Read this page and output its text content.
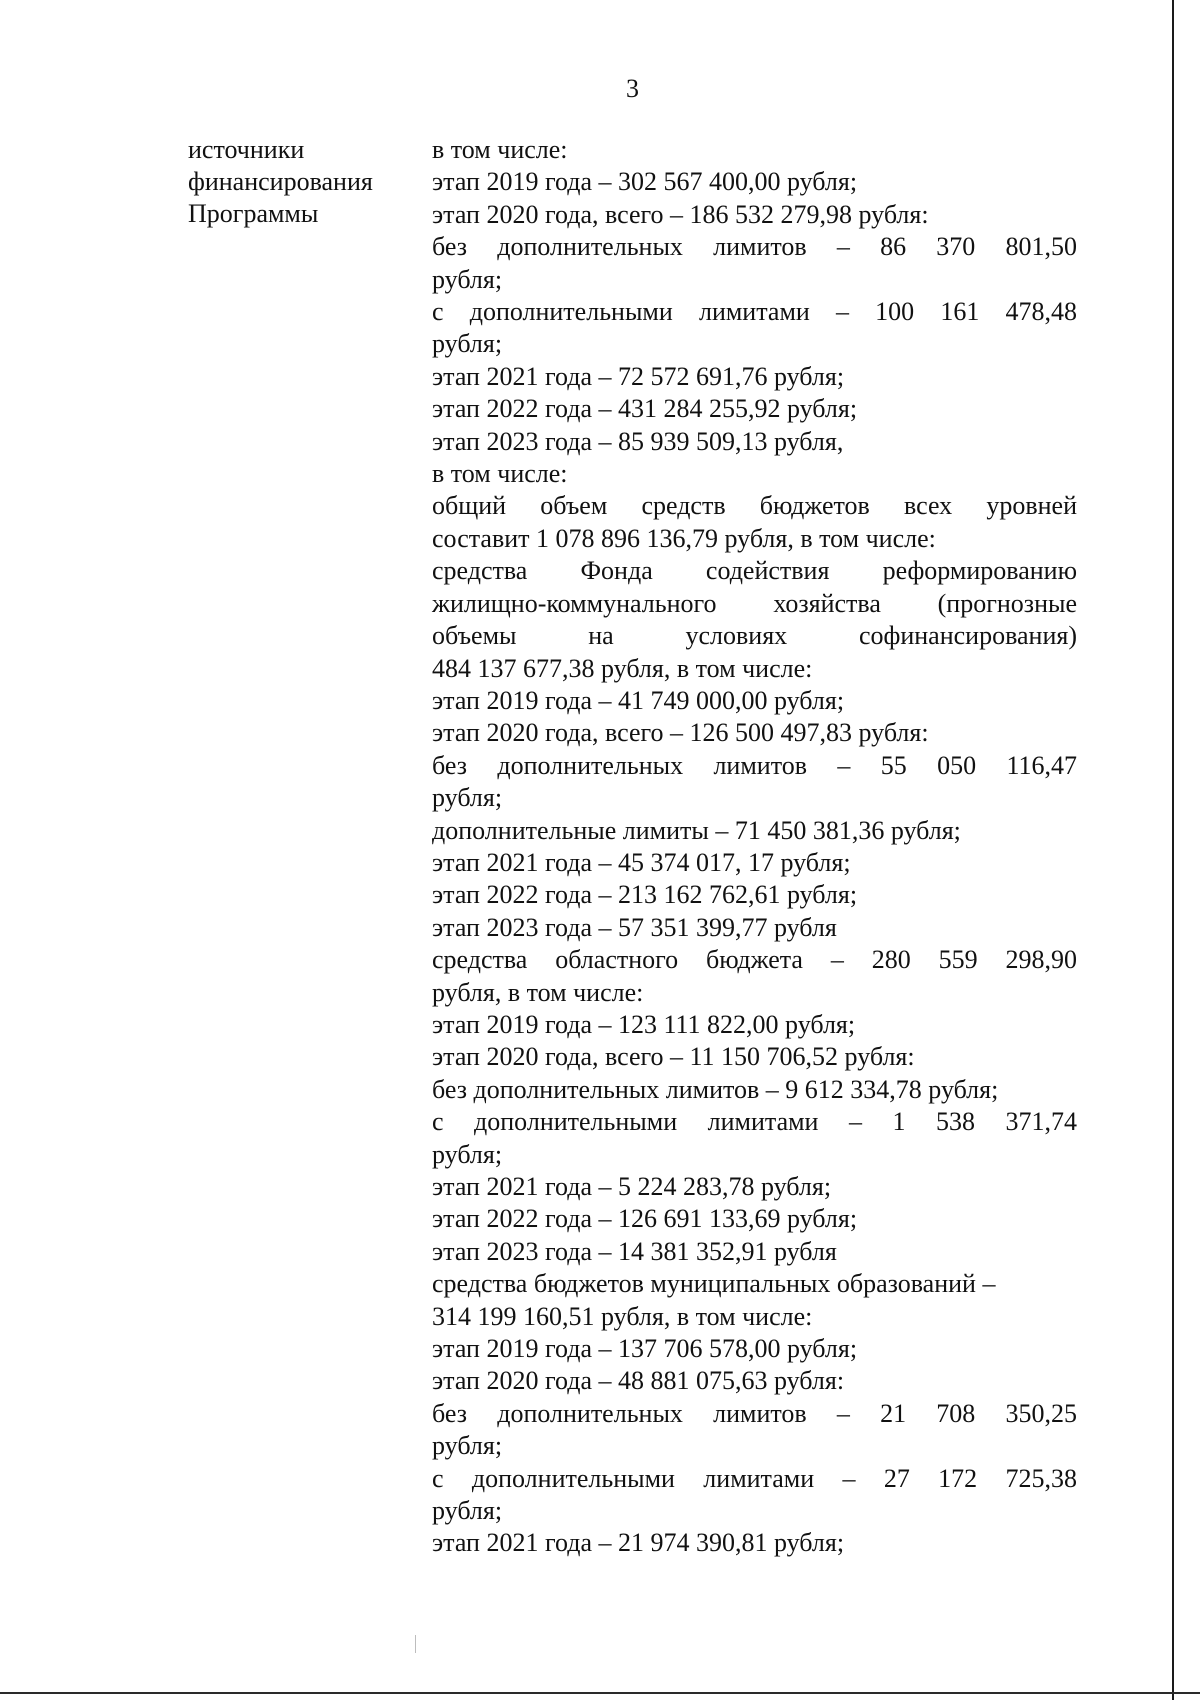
3
источники
финансирования
Программы
в том числе:
этап 2019 года – 302 567 400,00 рубля;
этап 2020 года, всего – 186 532 279,98 рубля:
без дополнительных лимитов – 86 370 801,50
рубля;
с дополнительными лимитами – 100 161 478,48
рубля;
этап 2021 года – 72 572 691,76 рубля;
этап 2022 года – 431 284 255,92 рубля;
этап 2023 года – 85 939 509,13 рубля,
в том числе:
общий объем средств бюджетов всех уровней
составит 1 078 896 136,79 рубля, в том числе:
средства Фонда содействия реформированию
жилищно-коммунального хозяйства (прогнозные
объемы на условиях софинансирования)
484 137 677,38 рубля, в том числе:
этап 2019 года – 41 749 000,00 рубля;
этап 2020 года, всего – 126 500 497,83 рубля:
без дополнительных лимитов – 55 050 116,47
рубля;
дополнительные лимиты – 71 450 381,36 рубля;
этап 2021 года – 45 374 017, 17 рубля;
этап 2022 года – 213 162 762,61 рубля;
этап 2023 года – 57 351 399,77 рубля
средства областного бюджета – 280 559 298,90
рубля, в том числе:
этап 2019 года – 123 111 822,00 рубля;
этап 2020 года, всего – 11 150 706,52 рубля:
без дополнительных лимитов – 9 612 334,78 рубля;
с дополнительными лимитами – 1 538 371,74
рубля;
этап 2021 года – 5 224 283,78 рубля;
этап 2022 года – 126 691 133,69 рубля;
этап 2023 года – 14 381 352,91 рубля
средства бюджетов муниципальных образований –
314 199 160,51 рубля, в том числе:
этап 2019 года – 137 706 578,00 рубля;
этап 2020 года – 48 881 075,63 рубля:
без дополнительных лимитов – 21 708 350,25
рубля;
с дополнительными лимитами – 27 172 725,38
рубля;
этап 2021 года – 21 974 390,81 рубля;
